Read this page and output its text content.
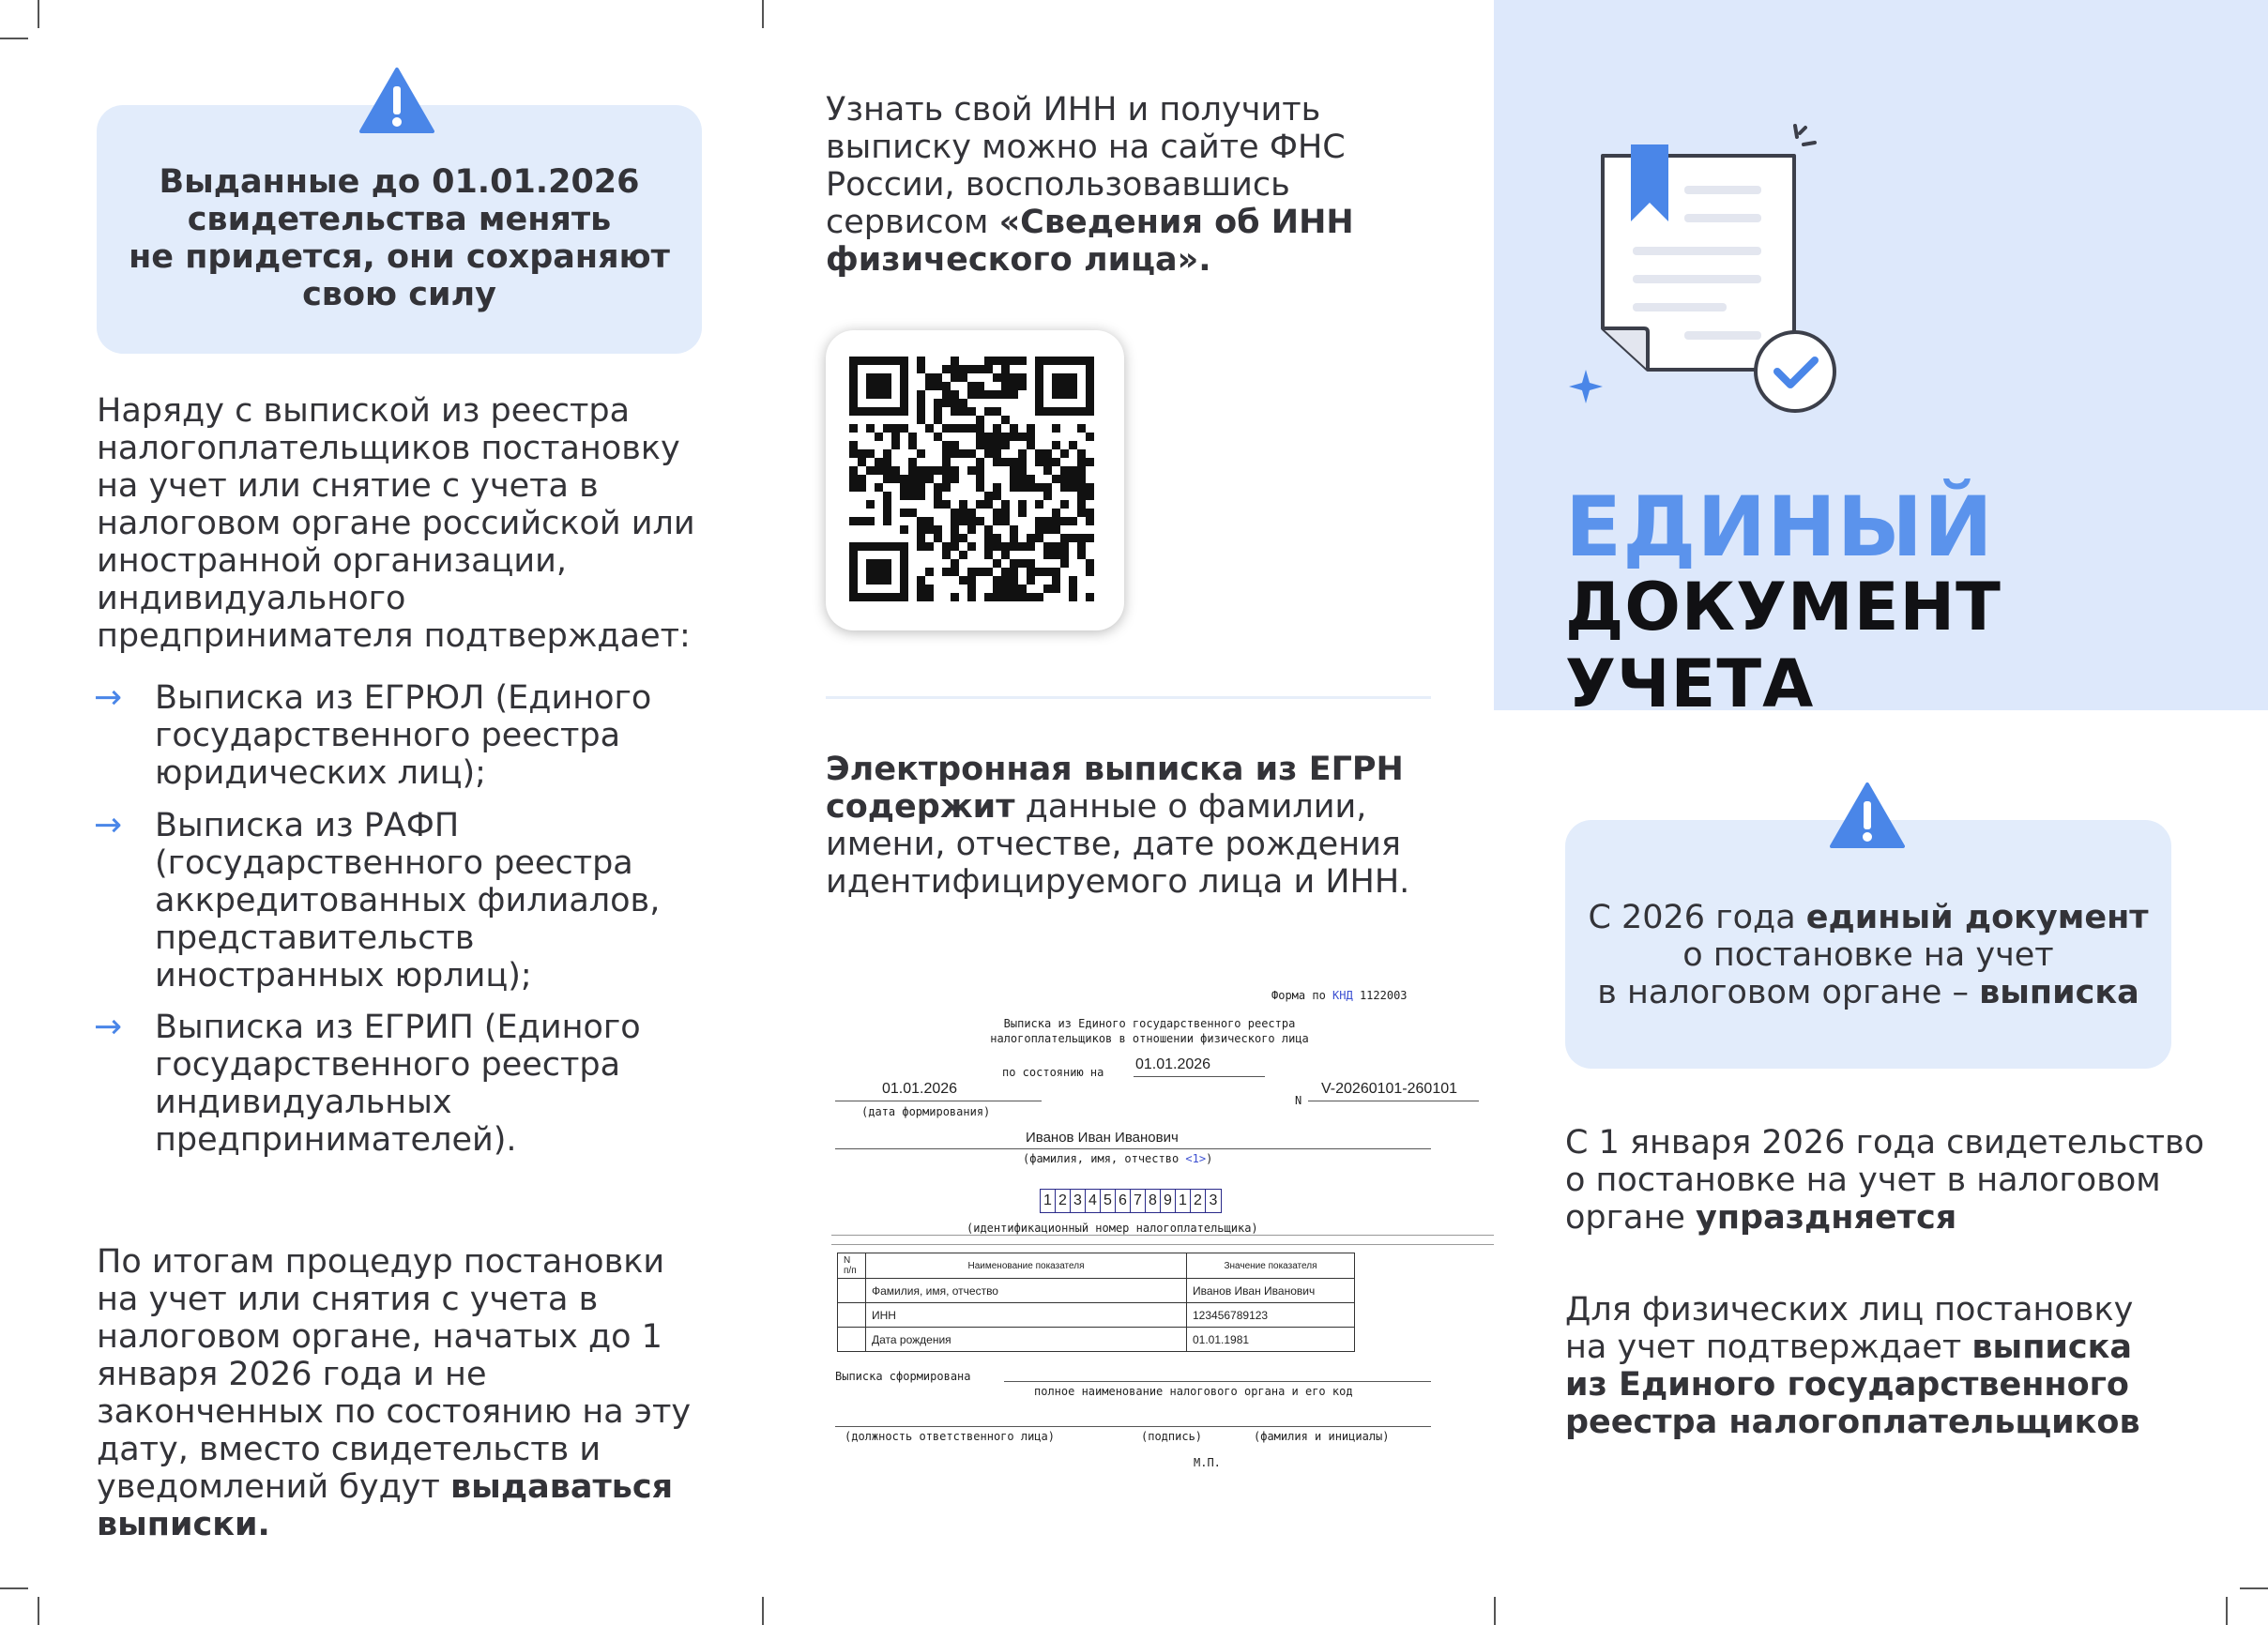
Выданные до 01.01.2026
свидетельства менять
не придется, они сохраняют
свою силу
Наряду с выпиской из реестра налогоплательщиков постановку на учет или снятие с учета в налоговом органе российской или иностранной организации, индивидуального предпринимателя подтверждает:
→ Выписка из ЕГРЮЛ (Единого государственного реестра юридических лиц);
→ Выписка из РАФП (государственного реестра аккредитованных филиалов, представительств иностранных юрлиц);
→ Выписка из ЕГРИП (Единого государственного реестра индивидуальных предпринимателей).
По итогам процедур постановки на учет или снятия с учета в налоговом органе, начатых до 1 января 2026 года и не законченных по состоянию на эту дату, вместо свидетельств и уведомлений будут выдаваться выписки.
Узнать свой ИНН и получить выписку можно на сайте ФНС России, воспользовавшись сервисом «Сведения об ИНН физического лица».
Электронная выписка из ЕГРН содержит данные о фамилии, имени, отчестве, дате рождения идентифицируемого лица и ИНН.
Форма по КНД 1122003
Выписка из Единого государственного реестра
налогоплательщиков в отношении физического лица
по состоянию на 01.01.2026
01.01.2026
(дата формирования)
N
V-20260101-260101
Иванов Иван Иванович
(фамилия, имя, отчество <1>)
1 2 3 4 5 6 7 8 9 1 2 3
(идентификационный номер налогоплательщика)
N п/п	Наименование показателя	Значение показателя
	Фамилия, имя, отчество	Иванов Иван Иванович
	ИНН	123456789123
	Дата рождения	01.01.1981
Выписка сформирована
полное наименование налогового органа и его код
(должность ответственного лица)	(подпись)	(фамилия и инициалы)
М.П.
ЕДИНЫЙ
ДОКУМЕНТ УЧЕТА
С 2026 года единый документ
о постановке на учет
в налоговом органе – выписка
С 1 января 2026 года свидетельство о постановке на учет в налоговом органе упраздняется
Для физических лиц постановку на учет подтверждает выписка из Единого государственного реестра налогоплательщиков
